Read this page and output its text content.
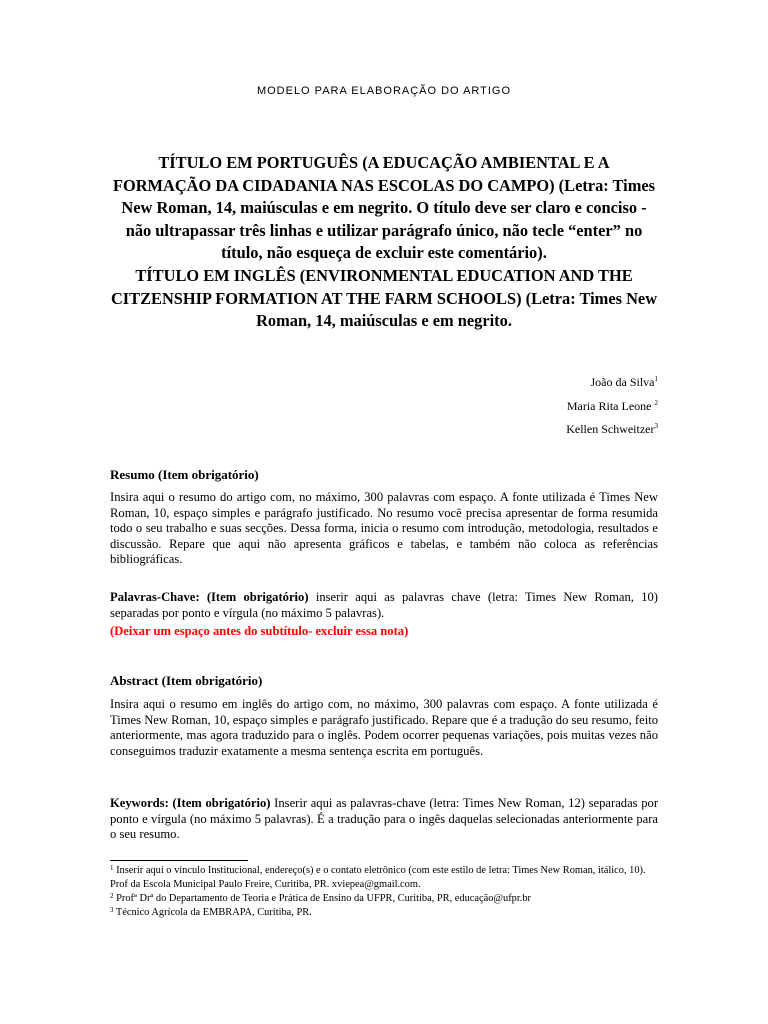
MODELO PARA ELABORAÇÃO DO ARTIGO
TÍTULO EM PORTUGUÊS (A EDUCAÇÃO AMBIENTAL E A FORMAÇÃO DA CIDADANIA NAS ESCOLAS DO CAMPO) (Letra: Times New Roman, 14, maiúsculas e em negrito. O título deve ser claro e conciso - não ultrapassar três linhas e utilizar parágrafo único, não tecle “enter” no título, não esqueça de excluir este comentário).
TÍTULO EM INGLÊS (ENVIRONMENTAL EDUCATION AND THE CITZENSHIP FORMATION AT THE FARM SCHOOLS) (Letra: Times New Roman, 14, maiúsculas e em negrito.
João da Silva$^1$
Maria Rita Leone $^2$
Kellen Schweitzer$^3$
Resumo (Item obrigatório)
Insira aqui o resumo do artigo com, no máximo, 300 palavras com espaço. A fonte utilizada é Times New Roman, 10, espaço simples e parágrafo justificado. No resumo você precisa apresentar de forma resumida todo o seu trabalho e suas secções. Dessa forma, inicia o resumo com introdução, metodologia, resultados e discussão. Repare que aqui não apresenta gráficos e tabelas, e também não coloca as referências bibliográficas.
Palavras-Chave: (Item obrigatório) inserir aqui as palavras chave (letra: Times New Roman, 10) separadas por ponto e vírgula (no máximo 5 palavras).
(Deixar um espaço antes do subtítulo- excluir essa nota)
Abstract (Item obrigatório)
Insira aqui o resumo em inglês do artigo com, no máximo, 300 palavras com espaço. A fonte utilizada é Times New Roman, 10, espaço simples e parágrafo justificado. Repare que é a tradução do seu resumo, feito anteriormente, mas agora traduzido para o inglês. Podem ocorrer pequenas variações, pois muitas vezes não conseguimos traduzir exatamente a mesma sentença escrita em português.
Keywords: (Item obrigatório) Inserir aqui as palavras-chave (letra: Times New Roman, 12) separadas por ponto e vírgula (no máximo 5 palavras). É a tradução para o ingês daquelas selecionadas anteriormente para o seu resumo.
$^1$ Inserir aqui o vínculo Institucional, endereço(s) e o contato eletrônico (com este estilo de letra: Times New Roman, itálico, 10).
Prof da Escola Municipal Paulo Freire, Curitiba, PR. xviepea@gmail.com.
$^2$ Profª Drª do Departamento de Teoria e Prática de Ensino da UFPR, Curitiba, PR, educação@ufpr.br
$^3$ Técnico Agrícola da EMBRAPA, Curitiba, PR.
